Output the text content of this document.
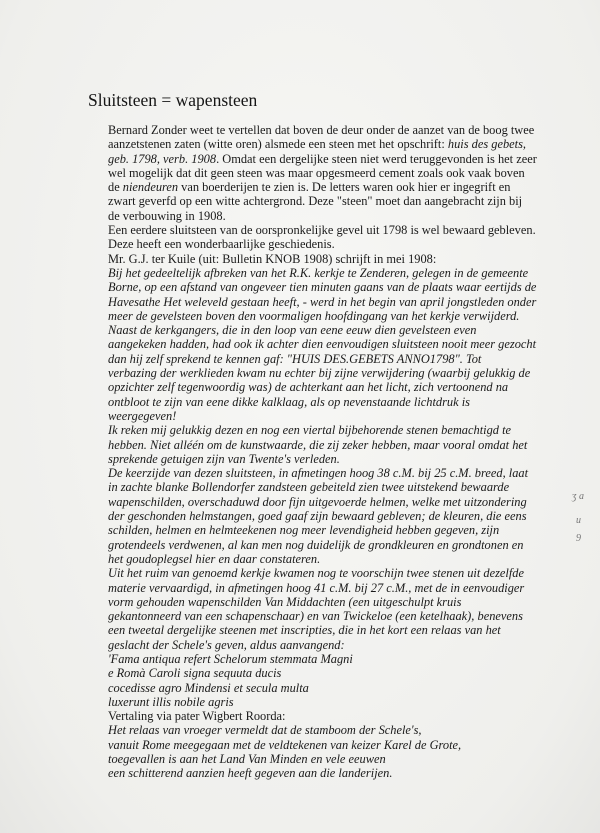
Sluitsteen = wapensteen
Bernard Zonder weet te vertellen dat boven de deur onder de aanzet van de boog twee
aanzetstenen zaten (witte oren) alsmede een steen met het opschrift: huis des gebets,
geb. 1798, verb. 1908. Omdat een dergelijke steen niet werd teruggevonden is het zeer
wel mogelijk dat dit geen steen was maar opgesmeerd cement zoals ook vaak boven
de niendeuren van boerderijen te zien is. De letters waren ook hier er ingegrift en
zwart geverfd op een witte achtergrond. Deze "steen" moet dan aangebracht zijn bij
de verbouwing in 1908.
Een eerdere sluitsteen van de oorspronkelijke gevel uit 1798 is wel bewaard gebleven.
Deze heeft een wonderbaarlijke geschiedenis.
Mr. G.J. ter Kuile (uit: Bulletin KNOB 1908) schrijft in mei 1908:
Bij het gedeeltelijk afbreken van het R.K. kerkje te Zenderen, gelegen in de gemeente
Borne, op een afstand van ongeveer tien minuten gaans van de plaats waar eertijds de
Havesathe Het weleveld gestaan heeft, - werd in het begin van april jongstleden onder
meer de gevelsteen boven den voormaligen hoofdingang van het kerkje verwijderd.
Naast de kerkgangers, die in den loop van eene eeuw dien gevelsteen even
aangekeken hadden, had ook ik achter dien eenvoudigen sluitsteen nooit meer gezocht
dan hij zelf sprekend te kennen gaf: "HUIS DES.GEBETS ANNO1798". Tot
verbazing der werklieden kwam nu echter bij zijne verwijdering (waarbij gelukkig de
opzichter zelf tegenwoordig was) de achterkant aan het licht, zich vertoonend na
ontbloot te zijn van eene dikke kalklaag, als op nevenstaande lichtdruk is
weergegeven!
Ik reken mij gelukkig dezen en nog een viertal bijbehorende stenen bemachtigd te
hebben. Niet alléén om de kunstwaarde, die zij zeker hebben, maar vooral omdat het
sprekende getuigen zijn van Twente's verleden.
De keerzijde van dezen sluitsteen, in afmetingen hoog 38 c.M. bij 25 c.M. breed, laat
in zachte blanke Bollendorfer zandsteen gebeiteld zien twee uitstekend bewaarde
wapenschilden, overschaduwd door fijn uitgevoerde helmen, welke met uitzondering
der geschonden helmstangen, goed gaaf zijn bewaard gebleven; de kleuren, die eens
schilden, helmen en helmteekenen nog meer levendigheid hebben gegeven, zijn
grotendeels verdwenen, al kan men nog duidelijk de grondkleuren en grondtonen en
het goudoplegsel hier en daar constateren.
Uit het ruim van genoemd kerkje kwamen nog te voorschijn twee stenen uit dezelfde
materie vervaardigd, in afmetingen hoog 41 c.M. bij 27 c.M., met de in eenvoudiger
vorm gehouden wapenschilden Van Middachten (een uitgeschulpt kruis
gekantonneerd van een schapenschaar) en van Twickeloe (een ketelhaak), benevens
een tweetal dergelijke steenen met inscripties, die in het kort een relaas van het
geslacht der Schele's geven, aldus aanvangend:
'Fama antiqua refert Schelorum stemmata Magni
e Romà Caroli signa sequuta ducis
cocedisse agro Mindensi et secula multa
luxerunt illis nobile agris
Vertaling via pater Wigbert Roorda:
Het relaas van vroeger vermeldt dat de stamboom der Schele's,
vanuit Rome meegegaan met de veldtekenen van keizer Karel de Grote,
toegevallen is aan het Land Van Minden en vele eeuwen
een schitterend aanzien heeft gegeven aan die landerijen.
ʒ a
u
9
